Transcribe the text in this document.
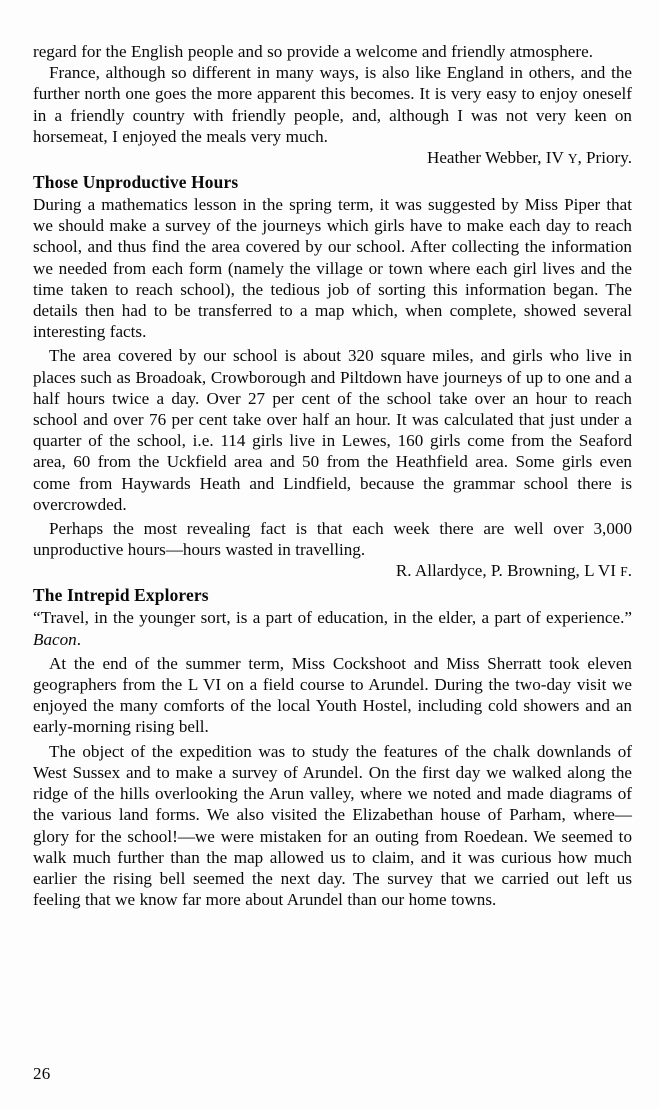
regard for the English people and so provide a welcome and friendly atmosphere.

France, although so different in many ways, is also like England in others, and the further north one goes the more apparent this becomes. It is very easy to enjoy oneself in a friendly country with friendly people, and, although I was not very keen on horsemeat, I enjoyed the meals very much.

Heather Webber, IV Y, Priory.

Those Unproductive Hours

During a mathematics lesson in the spring term, it was suggested by Miss Piper that we should make a survey of the journeys which girls have to make each day to reach school, and thus find the area covered by our school. After collecting the information we needed from each form (namely the village or town where each girl lives and the time taken to reach school), the tedious job of sorting this information began. The details then had to be transferred to a map which, when complete, showed several interesting facts.

The area covered by our school is about 320 square miles, and girls who live in places such as Broadoak, Crowborough and Piltdown have journeys of up to one and a half hours twice a day. Over 27 per cent of the school take over an hour to reach school and over 76 per cent take over half an hour. It was calculated that just under a quarter of the school, i.e. 114 girls live in Lewes, 160 girls come from the Seaford area, 60 from the Uckfield area and 50 from the Heathfield area. Some girls even come from Haywards Heath and Lindfield, because the grammar school there is overcrowded.

Perhaps the most revealing fact is that each week there are well over 3,000 unproductive hours—hours wasted in travelling.

R. Allardyce, P. Browning, L VI F.

The Intrepid Explorers

“Travel, in the younger sort, is a part of education, in the elder, a part of experience.” Bacon.

At the end of the summer term, Miss Cockshoot and Miss Sherratt took eleven geographers from the L VI on a field course to Arundel. During the two-day visit we enjoyed the many comforts of the local Youth Hostel, including cold showers and an early-morning rising bell.

The object of the expedition was to study the features of the chalk downlands of West Sussex and to make a survey of Arundel. On the first day we walked along the ridge of the hills overlooking the Arun valley, where we noted and made diagrams of the various land forms. We also visited the Elizabethan house of Parham, where—glory for the school!—we were mistaken for an outing from Roedean. We seemed to walk much further than the map allowed us to claim, and it was curious how much earlier the rising bell seemed the next day. The survey that we carried out left us feeling that we know far more about Arundel than our home towns.

26
